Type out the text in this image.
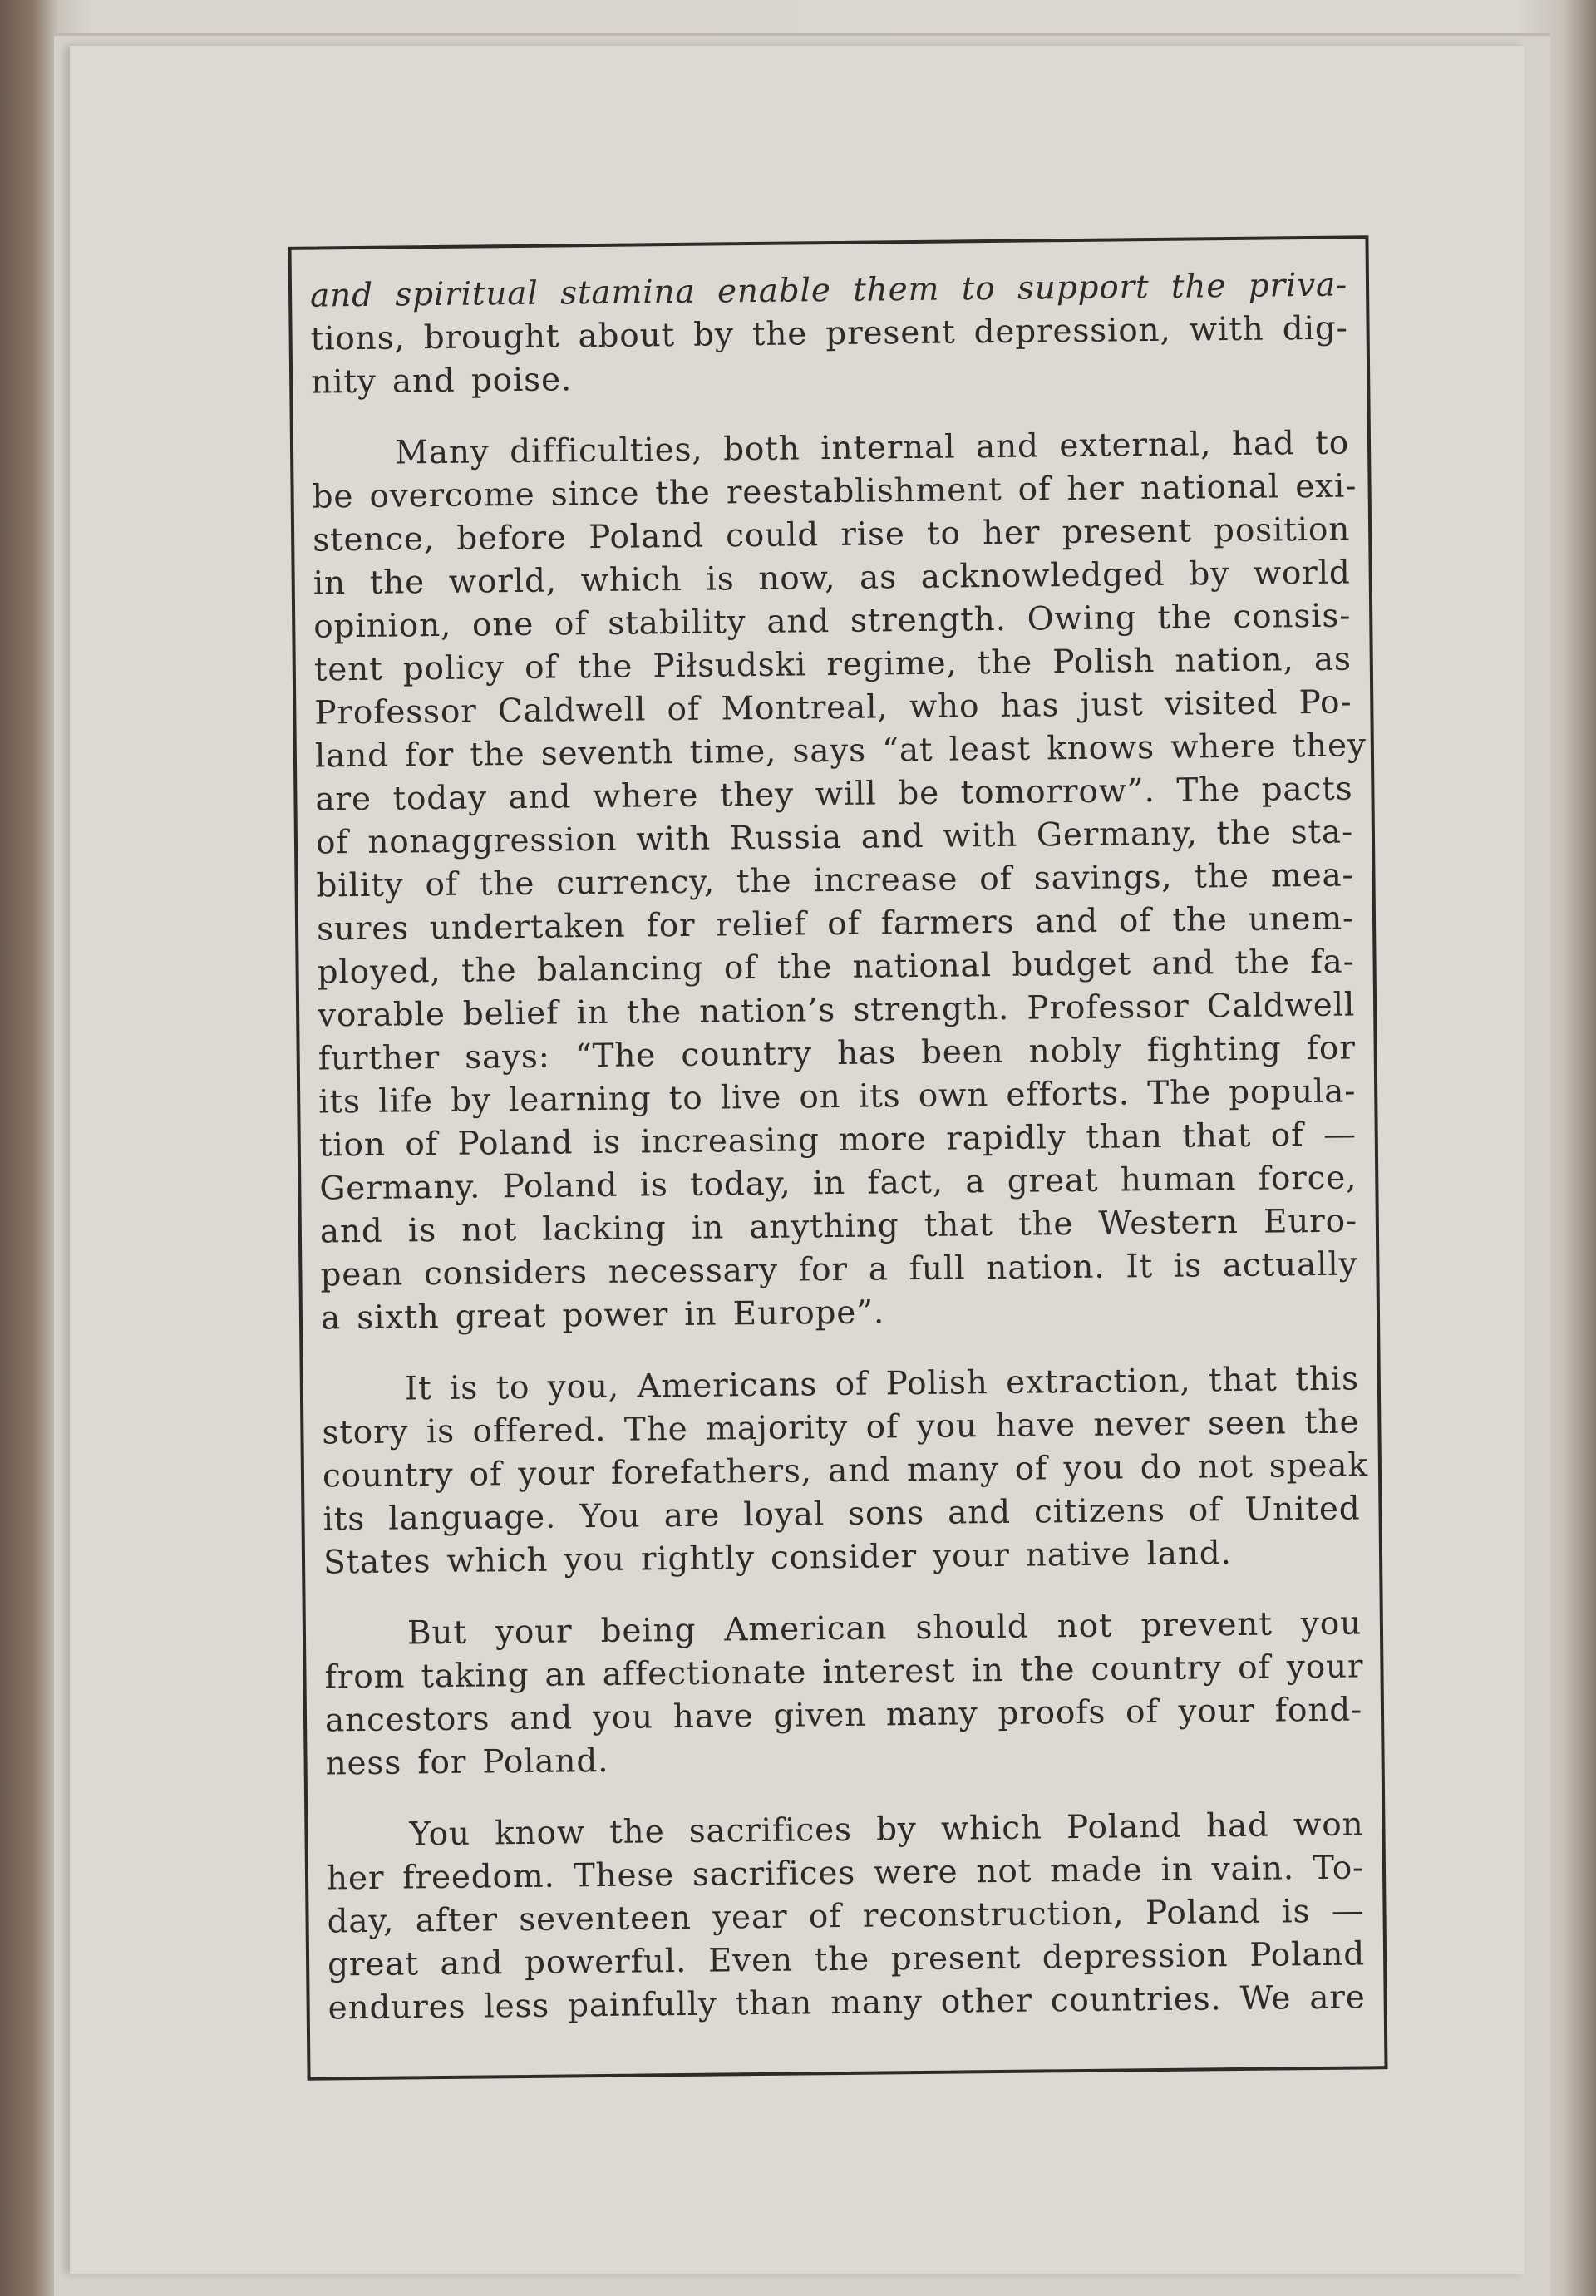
and spiritual stamina enable them to support the priva-
tions, brought about by the present depression, with dig-
nity and poise.
Many difficulties, both internal and external, had to
be overcome since the reestablishment of her national exi-
stence, before Poland could rise to her present position
in the world, which is now, as acknowledged by world
opinion, one of stability and strength. Owing the consis-
tent policy of the Piłsudski regime, the Polish nation, as
Professor Caldwell of Montreal, who has just visited Po-
land for the seventh time, says “at least knows where they
are today and where they will be tomorrow”. The pacts
of nonaggression with Russia and with Germany, the sta-
bility of the currency, the increase of savings, the mea-
sures undertaken for relief of farmers and of the unem-
ployed, the balancing of the national budget and the fa-
vorable belief in the nation’s strength. Professor Caldwell
further says: “The country has been nobly fighting for
its life by learning to live on its own efforts. The popula-
tion of Poland is increasing more rapidly than that of —
Germany. Poland is today, in fact, a great human force,
and is not lacking in anything that the Western Euro-
pean considers necessary for a full nation. It is actually
a sixth great power in Europe”.
It is to you, Americans of Polish extraction, that this
story is offered. The majority of you have never seen the
country of your forefathers, and many of you do not speak
its language. You are loyal sons and citizens of United
States which you rightly consider your native land.
But your being American should not prevent you
from taking an affectionate interest in the country of your
ancestors and you have given many proofs of your fond-
ness for Poland.
You know the sacrifices by which Poland had won
her freedom. These sacrifices were not made in vain. To-
day, after seventeen year of reconstruction, Poland is —
great and powerful. Even the present depression Poland
endures less painfully than many other countries. We are
